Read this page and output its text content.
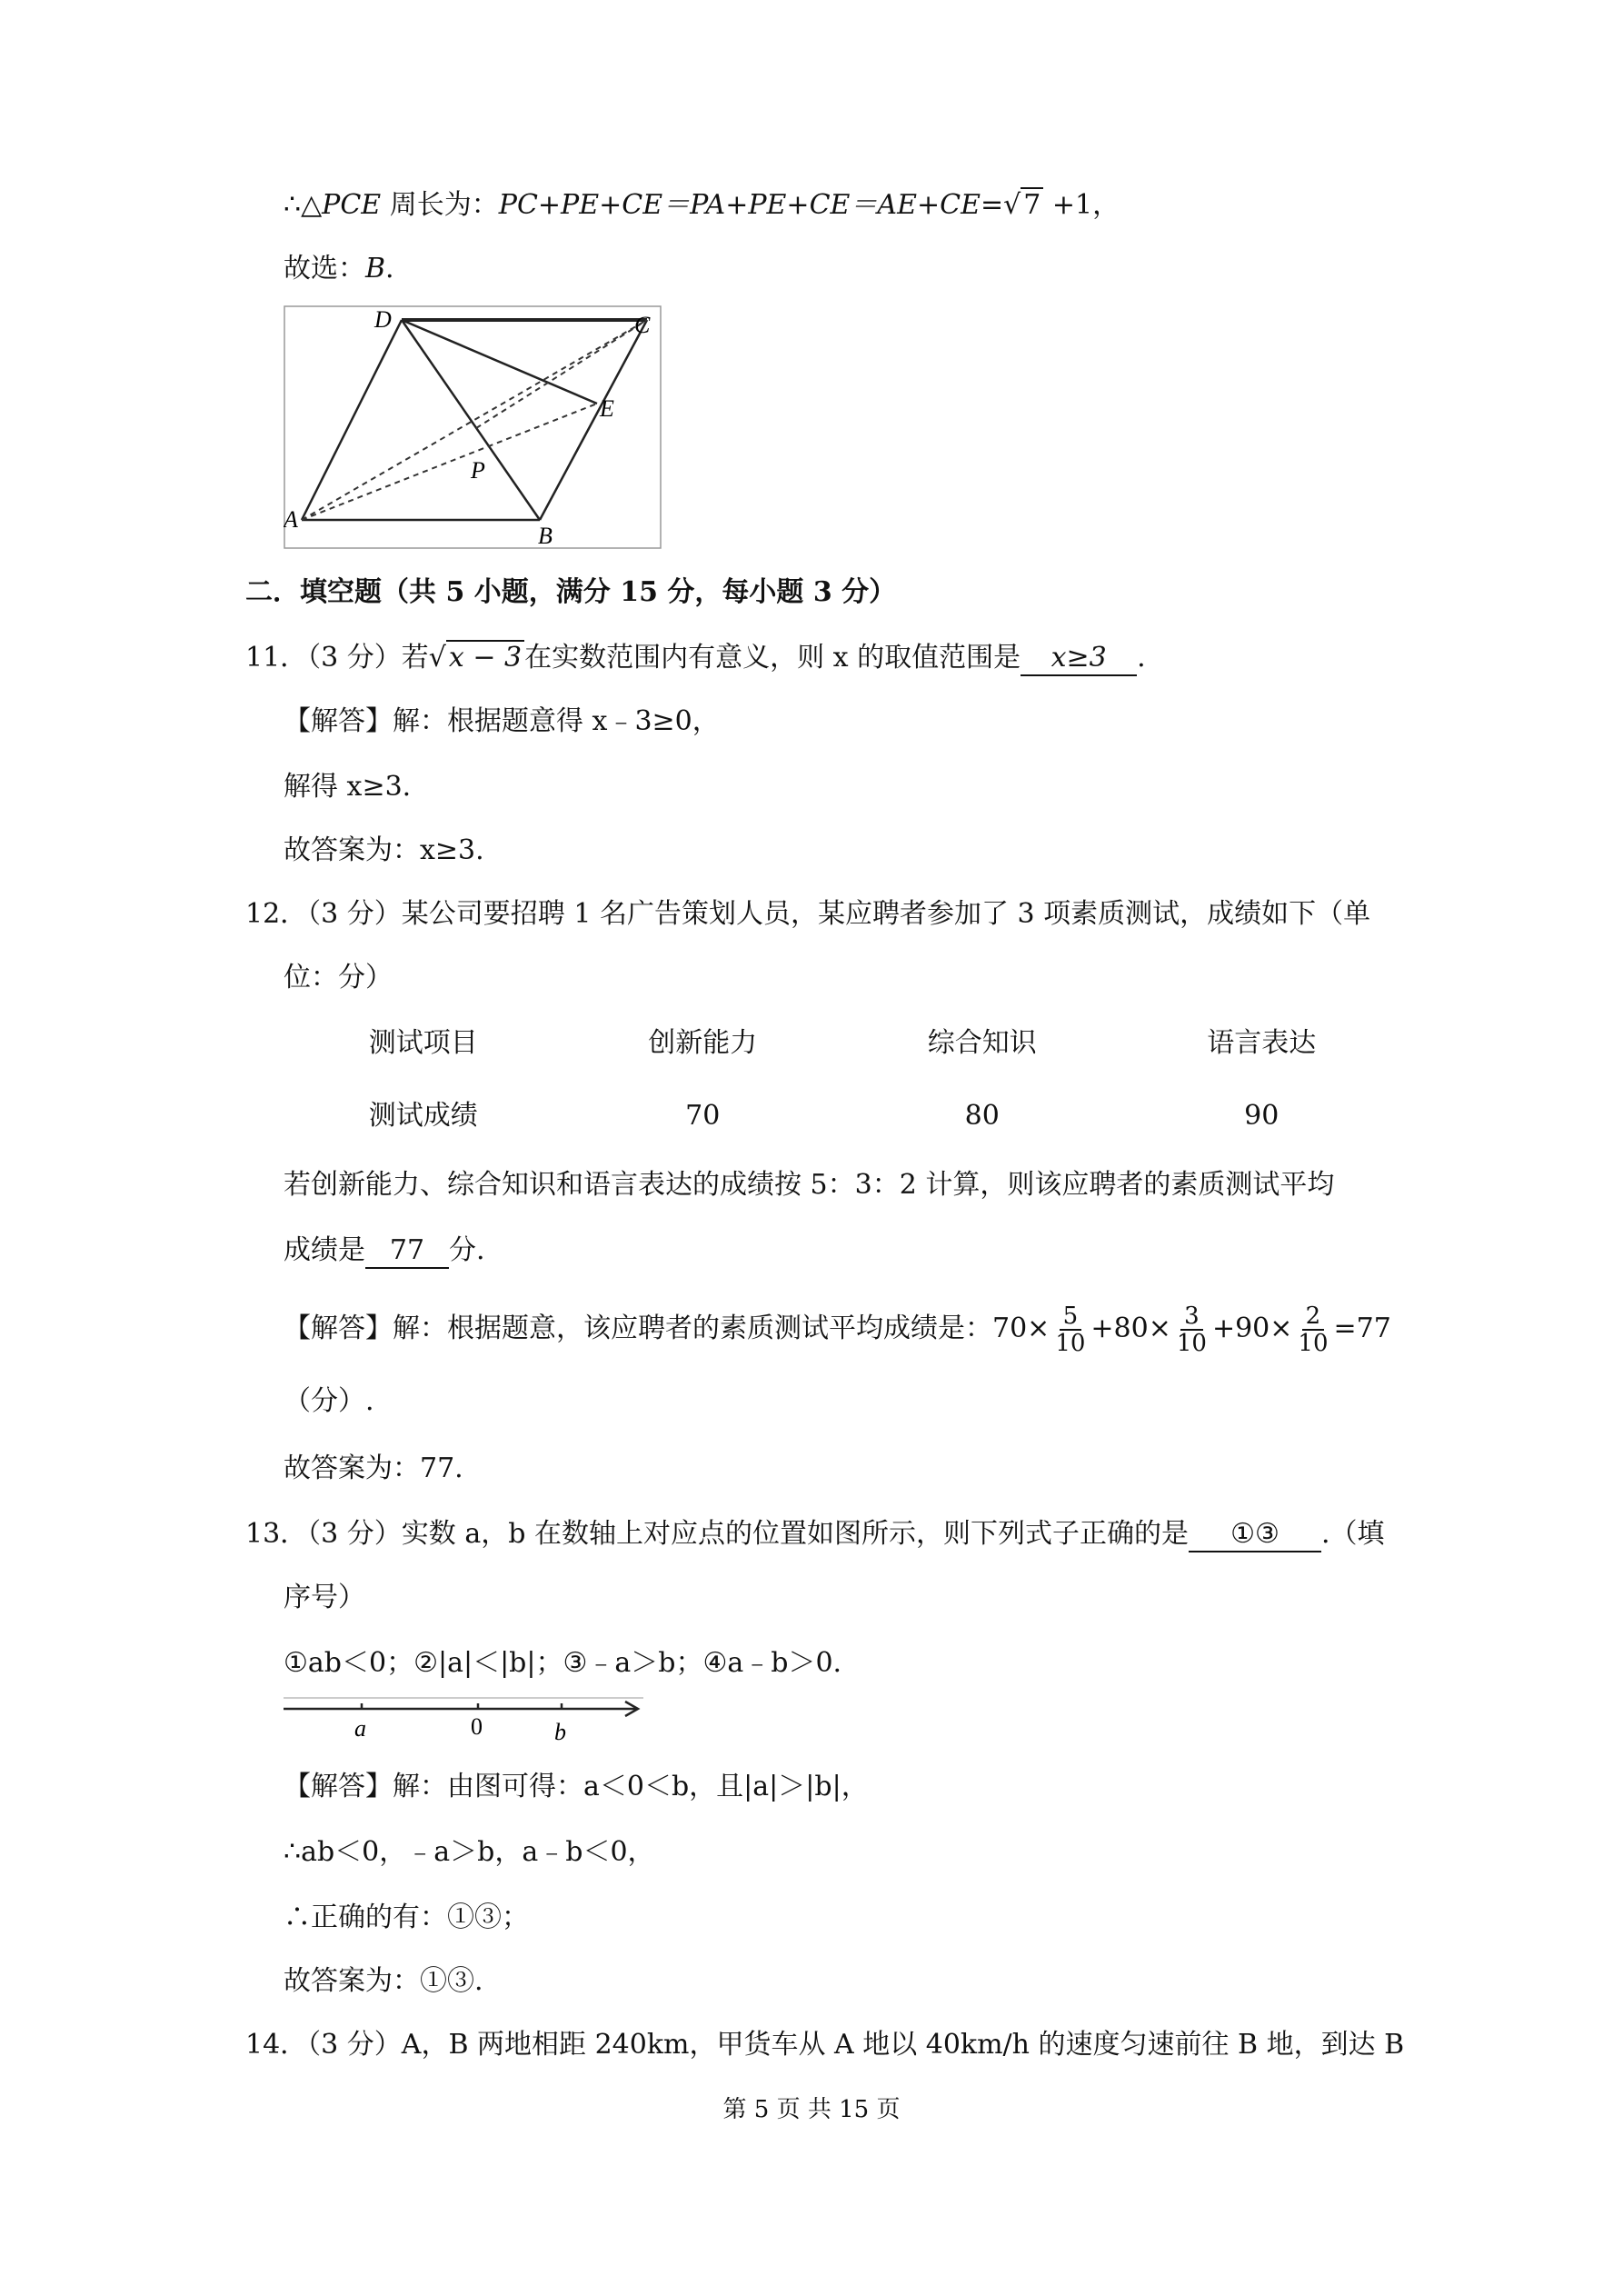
∴△PCE 周长为：PC+PE+CE＝PA+PE+CE＝AE+CE=√ 7 +1，
故选：B.
D	C
E
P
A
B
二．填空题（共 5 小题，满分 15 分，每小题 3 分）
11．（3 分）若√ x − 3 在实数范围内有意义，则 x 的取值范围是 x≥3 .
【解答】解：根据题意得 x﹣3≥0，
解得 x≥3.
故答案为：x≥3.
12．（3 分）某公司要招聘 1 名广告策划人员，某应聘者参加了 3 项素质测试，成绩如下（单
位：分）
测试项目	创新能力	综合知识	语言表达
测试成绩	70	80	90
若创新能力、综合知识和语言表达的成绩按 5：3：2 计算，则该应聘者的素质测试平均
成绩是 77 分.
【解答】解：根据题意，该应聘者的素质测试平均成绩是：$70\times \frac{5}{10} +80\times \frac{3}{10} +90\times \frac{2}{10} =77$
（分）.
故答案为：77.
13．（3 分）实数 a，b 在数轴上对应点的位置如图所示，则下列式子正确的是 ①③ .（填
序号）
①ab＜0；②|a|＜|b|；③﹣a＞b；④a﹣b＞0.
a	0	b
【解答】解：由图可得：a＜0＜b，且|a|＞|b|，
∴ab＜0，﹣a＞b，a﹣b＜0，
∴正确的有：①③；
故答案为：①③.
14．（3 分）A，B 两地相距 240km，甲货车从 A 地以 40km/h 的速度匀速前往 B 地，到达 B
第 5 页 共 15 页
